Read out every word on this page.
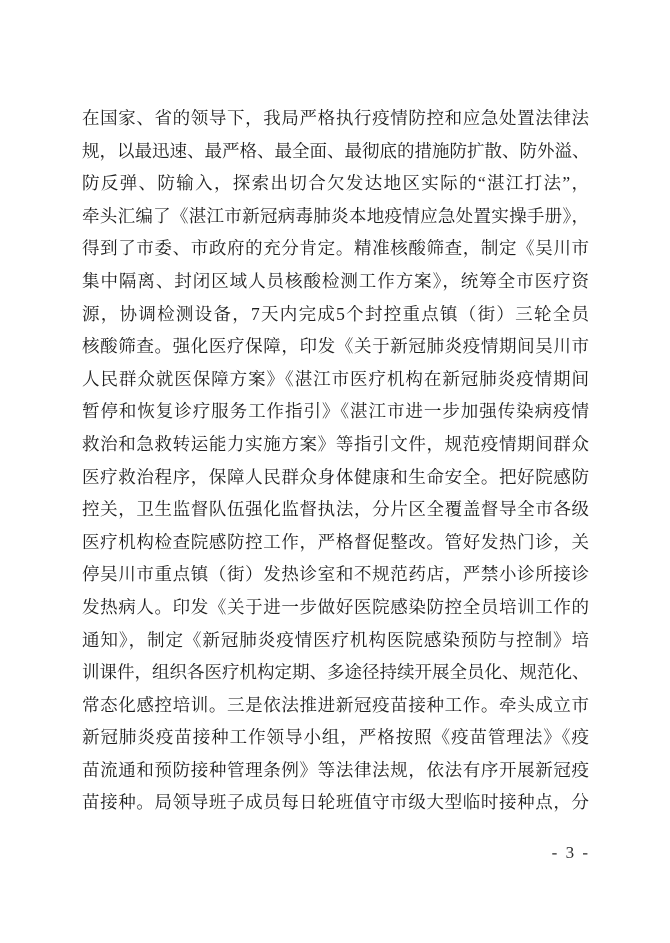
在国家、省的领导下，我局严格执行疫情防控和应急处置法律法
规，以最迅速、最严格、最全面、最彻底的措施防扩散、防外溢、
防反弹、防输入，探索出切合欠发达地区实际的“湛江打法”，
牵头汇编了《湛江市新冠病毒肺炎本地疫情应急处置实操手册》，
得到了市委、市政府的充分肯定。精准核酸筛查，制定《吴川市
集中隔离、封闭区域人员核酸检测工作方案》，统筹全市医疗资
源，协调检测设备，7天内完成5个封控重点镇（街）三轮全员
核酸筛查。强化医疗保障，印发《关于新冠肺炎疫情期间吴川市
人民群众就医保障方案》《湛江市医疗机构在新冠肺炎疫情期间
暂停和恢复诊疗服务工作指引》《湛江市进一步加强传染病疫情
救治和急救转运能力实施方案》等指引文件，规范疫情期间群众
医疗救治程序，保障人民群众身体健康和生命安全。把好院感防
控关，卫生监督队伍强化监督执法，分片区全覆盖督导全市各级
医疗机构检查院感防控工作，严格督促整改。管好发热门诊，关
停吴川市重点镇（街）发热诊室和不规范药店，严禁小诊所接诊
发热病人。印发《关于进一步做好医院感染防控全员培训工作的
通知》，制定《新冠肺炎疫情医疗机构医院感染预防与控制》培
训课件，组织各医疗机构定期、多途径持续开展全员化、规范化、
常态化感控培训。三是依法推进新冠疫苗接种工作。牵头成立市
新冠肺炎疫苗接种工作领导小组，严格按照《疫苗管理法》《疫
苗流通和预防接种管理条例》等法律法规，依法有序开展新冠疫
苗接种。局领导班子成员每日轮班值守市级大型临时接种点，分
- 3 -
